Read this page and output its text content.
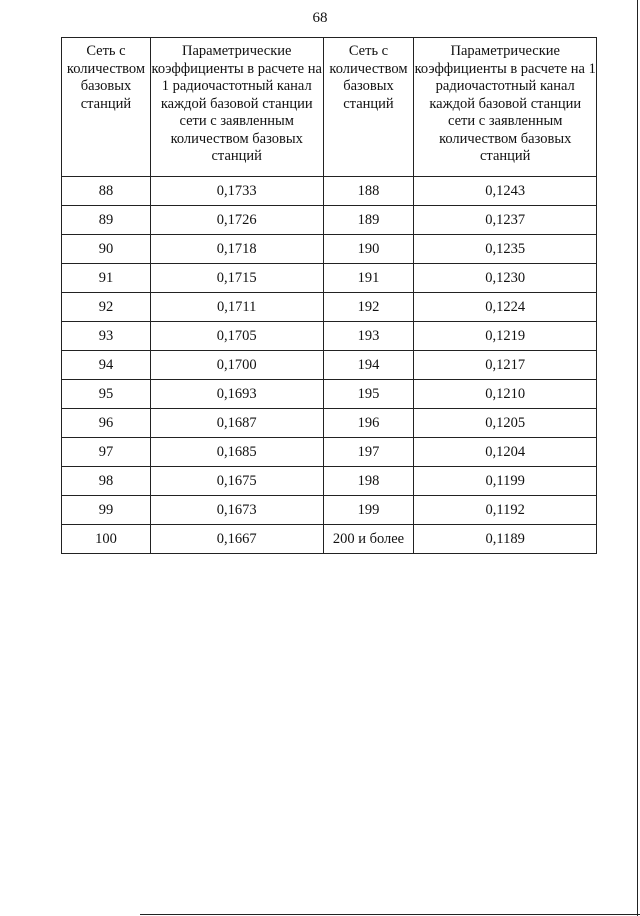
68
Сеть с количеством базовых станций	Параметрические коэффициенты в расчете на 1 радиочастотный канал каждой базовой станции сети с заявленным количеством базовых станций	Сеть с количеством базовых станций	Параметрические коэффициенты в расчете на 1 радиочастотный канал каждой базовой станции сети с заявленным количеством базовых станций
88	0,1733	188	0,1243
89	0,1726	189	0,1237
90	0,1718	190	0,1235
91	0,1715	191	0,1230
92	0,1711	192	0,1224
93	0,1705	193	0,1219
94	0,1700	194	0,1217
95	0,1693	195	0,1210
96	0,1687	196	0,1205
97	0,1685	197	0,1204
98	0,1675	198	0,1199
99	0,1673	199	0,1192
100	0,1667	200 и более	0,1189
